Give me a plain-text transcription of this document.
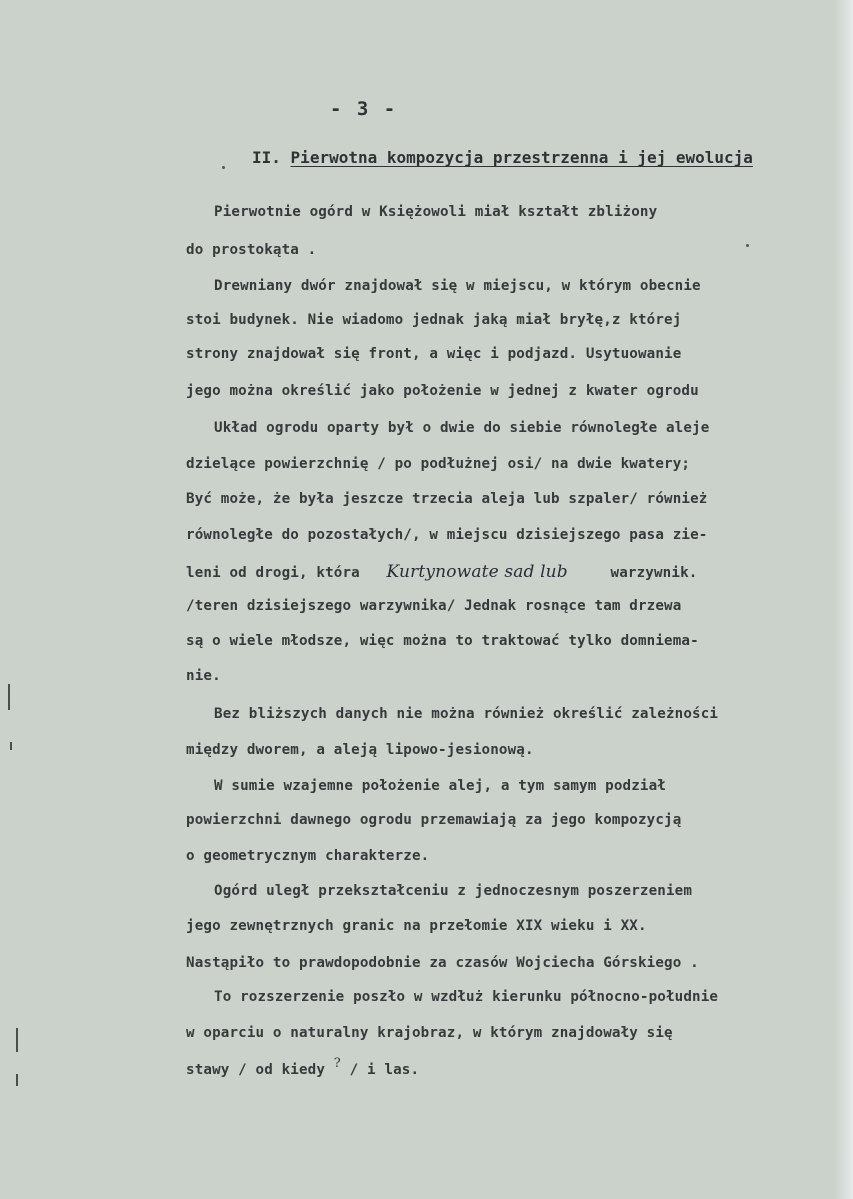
- 3 -
II. Pierwotna kompozycja przestrzenna i jej ewolucja
Pierwotnie ogórd w Księżowoli miał kształt zbliżony
do prostokąta .
Drewniany dwór znajdował się w miejscu, w którym obecnie
stoi budynek. Nie wiadomo jednak jaką miał bryłę,z której
strony znajdował się front, a więc i podjazd. Usytuowanie
jego można określić jako położenie w jednej z kwater ogrodu
Układ ogrodu oparty był o dwie do siebie równoległe aleje
dzielące powierzchnię / po podłużnej osi/ na dwie kwatery;
Być może, że była jeszcze trzecia aleja lub szpaler/ również
równoległe do pozostałych/, w miejscu dzisiejszego pasa zie-
leni od drogi, która Kurtynowate sad lub	warzywnik.
/teren dzisiejszego warzywnika/ Jednak rosnące tam drzewa
są o wiele młodsze, więc można to traktować tylko domniema-
nie.
Bez bliższych danych nie można również określić zależności
między dworem, a aleją lipowo-jesionową.
W sumie wzajemne położenie alej, a tym samym podział
powierzchni dawnego ogrodu przemawiają za jego kompozycją
o geometrycznym charakterze.
Ogórd uległ przekształceniu z jednoczesnym poszerzeniem
jego zewnętrznych granic na przełomie XIX wieku i XX.
Nastąpiło to prawdopodobnie za czasów Wojciecha Górskiego .
To rozszerzenie poszło w wzdłuż kierunku północno-południe
w oparciu o naturalny krajobraz, w którym znajdowały się
stawy / od kiedy ? / i las.
